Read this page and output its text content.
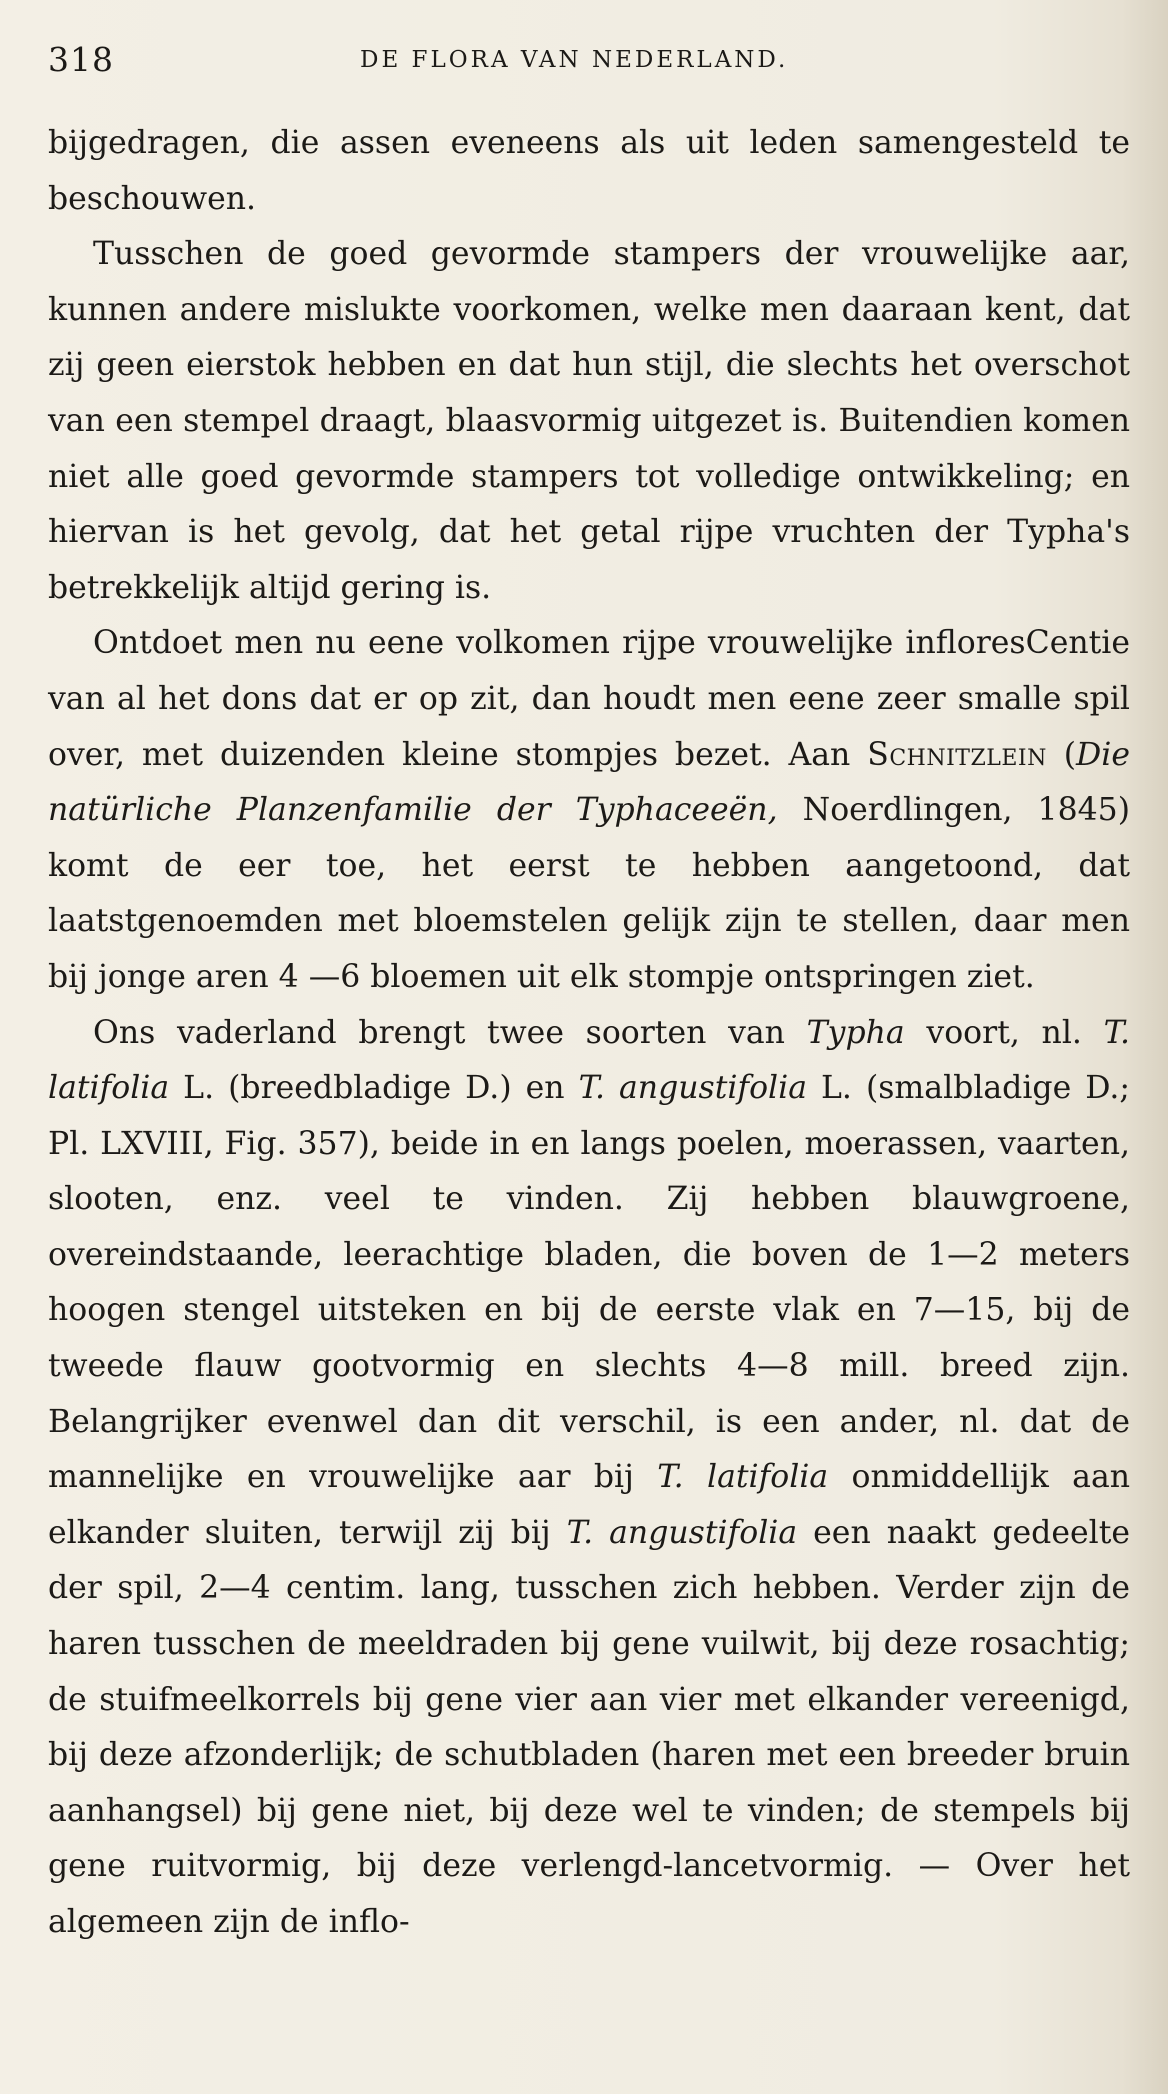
318	DE FLORA VAN NEDERLAND.

bijgedragen, die assen eveneens als uit leden samengesteld te beschouwen.

Tusschen de goed gevormde stampers der vrouwelijke aar, kunnen andere mislukte voorkomen, welke men daaraan kent, dat zij geen eierstok hebben en dat hun stijl, die slechts het overschot van een stempel draagt, blaasvormig uitgezet is. Buitendien komen niet alle goed gevormde stampers tot volledige ontwikkeling; en hiervan is het gevolg, dat het getal rijpe vruchten der Typha's betrekkelijk altijd gering is.

Ontdoet men nu eene volkomen rijpe vrouwelijke infloresCentie van al het dons dat er op zit, dan houdt men eene zeer smalle spil over, met duizenden kleine stompjes bezet. Aan Schnitzlein (Die natürliche Planzenfamilie der Typhaceeën, Noerdlingen, 1845) komt de eer toe, het eerst te hebben aangetoond, dat laatstgenoemden met bloemstelen gelijk zijn te stellen, daar men bij jonge aren 4 —6 bloemen uit elk stompje ontspringen ziet.

Ons vaderland brengt twee soorten van Typha voort, nl. T. latifolia L. (breedbladige D.) en T. angustifolia L. (smalbladige D.; Pl. LXVIII, Fig. 357), beide in en langs poelen, moerassen, vaarten, slooten, enz. veel te vinden. Zij hebben blauwgroene, overeindstaande, leerachtige bladen, die boven de 1—2 meters hoogen stengel uitsteken en bij de eerste vlak en 7—15, bij de tweede flauw gootvormig en slechts 4—8 mill. breed zijn. Belangrijker evenwel dan dit verschil, is een ander, nl. dat de mannelijke en vrouwelijke aar bij T. latifolia onmiddellijk aan elkander sluiten, terwijl zij bij T. angustifolia een naakt gedeelte der spil, 2—4 centim. lang, tusschen zich hebben. Verder zijn de haren tusschen de meeldraden bij gene vuilwit, bij deze rosachtig; de stuifmeelkorrels bij gene vier aan vier met elkander vereenigd, bij deze afzonderlijk; de schutbladen (haren met een breeder bruin aanhangsel) bij gene niet, bij deze wel te vinden; de stempels bij gene ruitvormig, bij deze verlengd-lancetvormig. — Over het algemeen zijn de inflo-
